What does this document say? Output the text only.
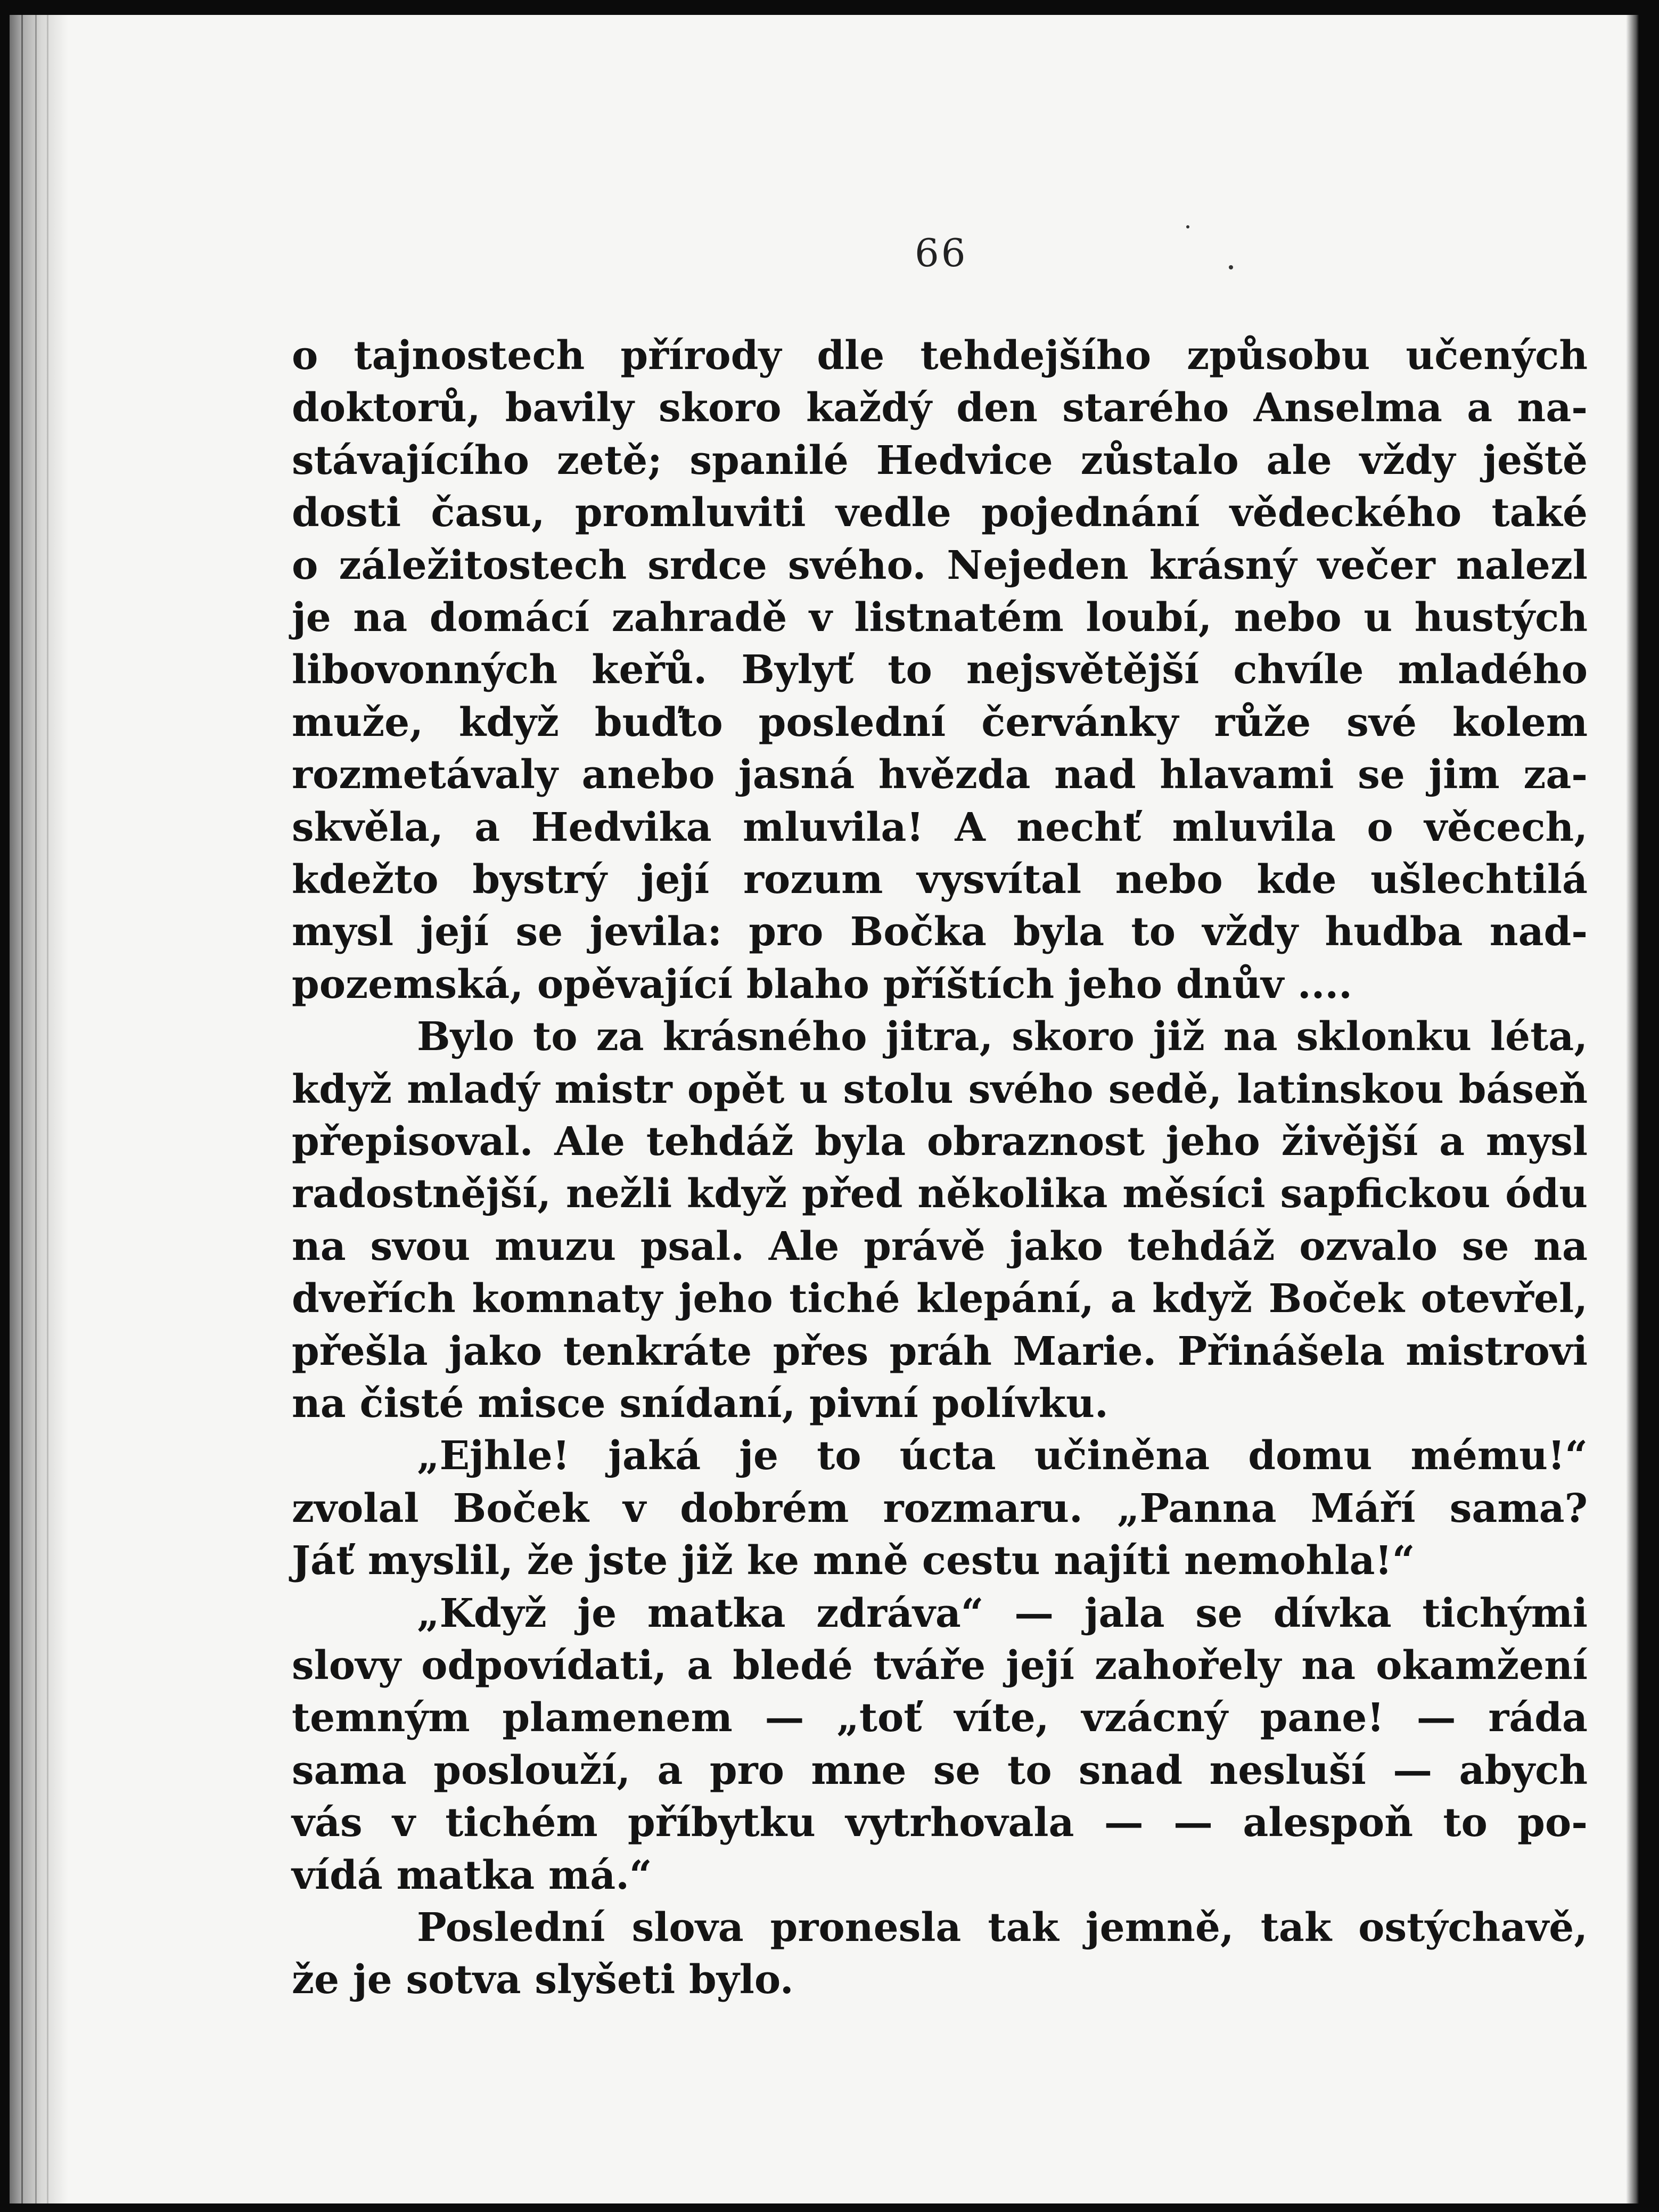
66
o tajnostech přírody dle tehdejšího způsobu učených
doktorů, bavily skoro každý den starého Anselma a na-
stávajícího zetě; spanilé Hedvice zůstalo ale vždy ještě
dosti času, promluviti vedle pojednání vědeckého také
o záležitostech srdce svého. Nejeden krásný večer nalezl
je na domácí zahradě v listnatém loubí, nebo u hustých
libovonných keřů. Bylyť to nejsvětější chvíle mladého
muže, když buďto poslední červánky růže své kolem
rozmetávaly anebo jasná hvězda nad hlavami se jim za-
skvěla, a Hedvika mluvila! A nechť mluvila o věcech,
kdežto bystrý její rozum vysvítal nebo kde ušlechtilá
mysl její se jevila: pro Bočka byla to vždy hudba nad-
pozemská, opěvající blaho příštích jeho dnův ....
Bylo to za krásného jitra, skoro již na sklonku léta,
když mladý mistr opět u stolu svého sedě, latinskou báseň
přepisoval. Ale tehdáž byla obraznost jeho živější a mysl
radostnější, nežli když před několika měsíci sapfickou ódu
na svou muzu psal. Ale právě jako tehdáž ozvalo se na
dveřích komnaty jeho tiché klepání, a když Boček otevřel,
přešla jako tenkráte přes práh Marie. Přinášela mistrovi
na čisté misce snídaní, pivní polívku.
„Ejhle! jaká je to úcta učiněna domu mému!“
zvolal Boček v dobrém rozmaru. „Panna Máří sama?
Jáť myslil, že jste již ke mně cestu najíti nemohla!“
„Když je matka zdráva“ — jala se dívka tichými
slovy odpovídati, a bledé tváře její zahořely na okamžení
temným plamenem — „toť víte, vzácný pane! — ráda
sama poslouží, a pro mne se to snad nesluší — abych
vás v tichém příbytku vytrhovala — — alespoň to po-
vídá matka má.“
Poslední slova pronesla tak jemně, tak ostýchavě,
že je sotva slyšeti bylo.
